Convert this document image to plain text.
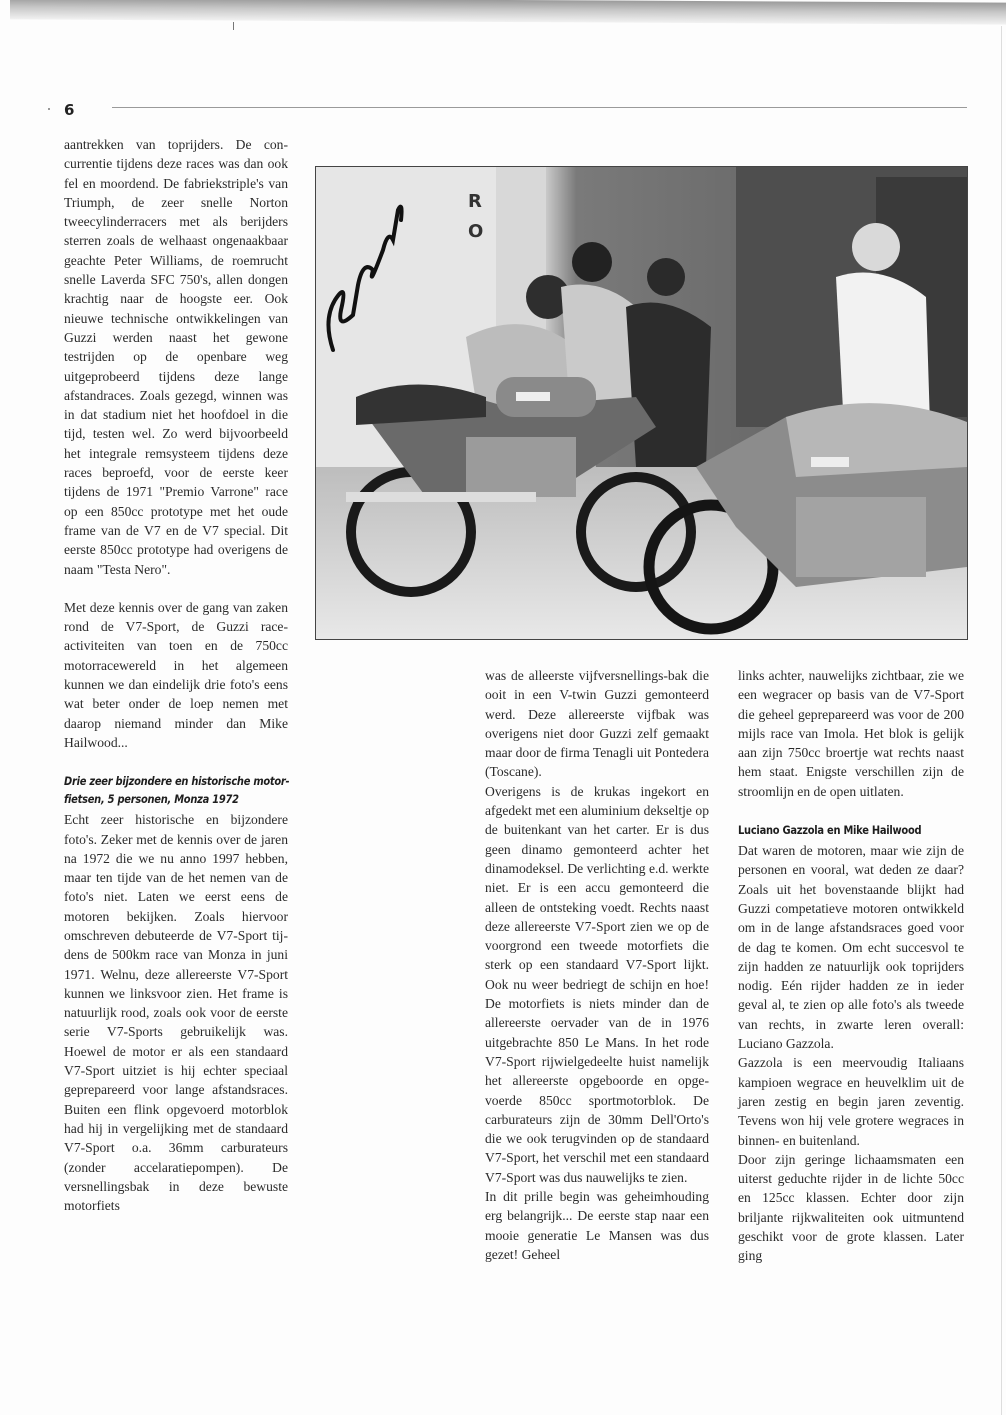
6

aantrekken van toprijders. De concurrentie tijdens deze races was dan ook fel en moordend. De fabriekstriple's van Triumph, de zeer snelle Norton tweecylinderracers met als berijders sterren zoals de welhaast ongenaakbaar geachte Peter Williams, de roemrucht snelle Laverda SFC 750's, allen dongen krachtig naar de hoogste eer. Ook nieuwe technische ontwikkelingen van Guzzi werden naast het gewone testrijden op de openbare weg uitgeprobeerd tijdens deze lange afstandraces. Zoals gezegd, winnen was in dat stadium niet het hoofdoel in die tijd, testen wel. Zo werd bijvoorbeeld het integrale remsysteem tijdens deze races beproefd, voor de eerste keer tijdens de 1971 "Premio Varrone" race op een 850cc prototype met het oude frame van de V7 en de V7 special. Dit eerste 850cc prototype had overigens de naam "Testa Nero".

Met deze kennis over de gang van zaken rond de V7-Sport, de Guzzi race-activiteiten van toen en de 750cc motorracewereld in het algemeen kunnen we dan eindelijk drie foto's eens wat beter onder de loep nemen met daarop niemand minder dan Mike Hailwood...

Drie zeer bijzondere en historische motorfietsen, 5 personen, Monza 1972

Echt zeer historische en bijzondere foto's. Zeker met de kennis over de jaren na 1972 die we nu anno 1997 hebben, maar ten tijde van de het nemen van de foto's niet. Laten we eerst eens de motoren bekijken. Zoals hiervoor omschreven debuteerde de V7-Sport tijdens de 500km race van Monza in juni 1971. Welnu, deze allereerste V7-Sport kunnen we linksvoor zien. Het frame is natuurlijk rood, zoals ook voor de eerste serie V7-Sports gebruikelijk was. Hoewel de motor er als een standaard V7-Sport uitziet is hij echter speciaal geprepareerd voor lange afstandsraces. Buiten een flink opgevoerd motorblok had hij in vergelijking met de standaard V7-Sport o.a. 36mm carburateurs (zonder accelaratiepompen). De versnellingsbak in deze bewuste motorfiets

R
O

was de alleerste vijfversnellings-bak die ooit in een V-twin Guzzi gemonteerd werd. Deze allereerste vijfbak was overigens niet door Guzzi zelf gemaakt maar door de firma Tenagli uit Pontedera (Toscane).

Overigens is de krukas ingekort en afgedekt met een aluminium dekseltje op de buitenkant van het carter. Er is dus geen dinamo gemonteerd achter het dinamodeksel. De verlichting e.d. werkte niet. Er is een accu gemonteerd die alleen de ontsteking voedt. Rechts naast deze allereerste V7-Sport zien we op de voorgrond een tweede motorfiets die sterk op een standaard V7-Sport lijkt. Ook nu weer bedriegt de schijn en hoe! De motorfiets is niets minder dan de allereerste oervader van de in 1976 uitgebrachte 850 Le Mans. In het rode V7-Sport rijwielgedeelte huist namelijk het allereerste opgeboorde en opgevoerde 850cc sportmotorblok. De carburateurs zijn de 30mm Dell'Orto's die we ook terugvinden op de standaard V7-Sport, het verschil met een standaard V7-Sport was dus nauwelijks te zien.

In dit prille begin was geheimhouding erg belangrijk... De eerste stap naar een mooie generatie Le Mansen was dus gezet! Geheel

links achter, nauwelijks zichtbaar, zie we een wegracer op basis van de V7-Sport die geheel geprepareerd was voor de 200 mijls race van Imola. Het blok is gelijk aan zijn 750cc broertje wat rechts naast hem staat. Enigste verschillen zijn de stroomlijn en de open uitlaten.

Luciano Gazzola en Mike Hailwood

Dat waren de motoren, maar wie zijn de personen en vooral, wat deden ze daar? Zoals uit het bovenstaande blijkt had Guzzi competatieve motoren ontwikkeld om in de lange afstandsraces goed voor de dag te komen. Om echt succesvol te zijn hadden ze natuurlijk ook toprijders nodig. Eén rijder hadden ze in ieder geval al, te zien op alle foto's als tweede van rechts, in zwarte leren overall: Luciano Gazzola.

Gazzola is een meervoudig Italiaans kampioen wegrace en heuvelklim uit de jaren zestig en begin jaren zeventig. Tevens won hij vele grotere wegraces in binnen- en buitenland.

Door zijn geringe lichaamsmaten een uiterst geduchte rijder in de lichte 50cc en 125cc klassen. Echter door zijn briljante rijkwaliteiten ook uitmuntend geschikt voor de grote klassen. Later ging
